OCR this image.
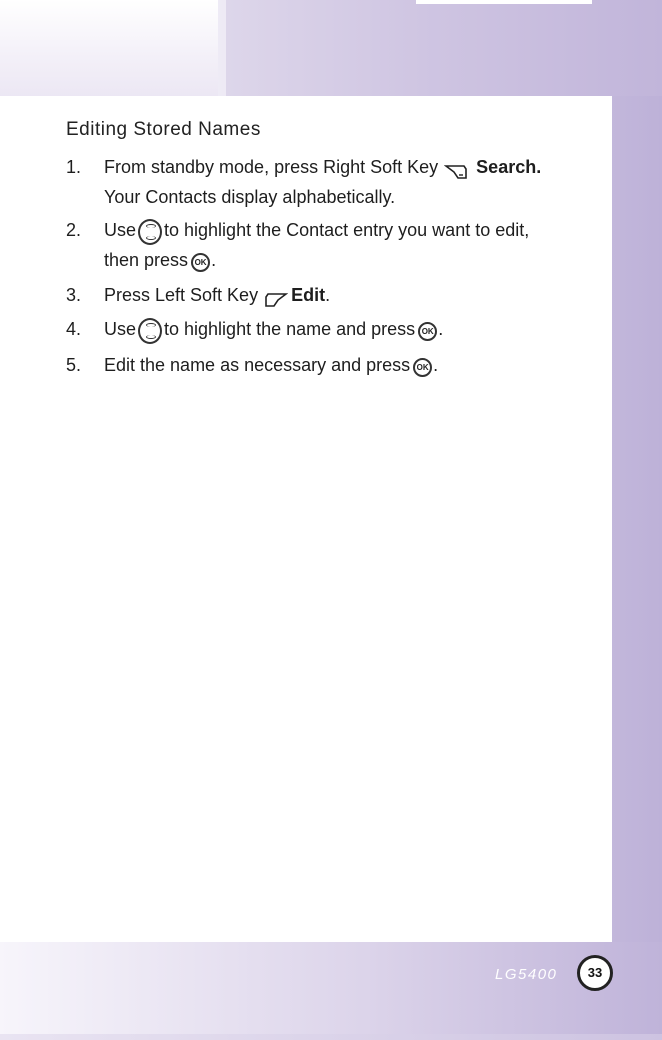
Editing Stored Names
1.	From standby mode, press Right Soft Key Search.
Your Contacts display alphabetically.
2.	Use to highlight the Contact entry you want to edit,
then press OK .
3.	Press Left Soft Key Edit.
4.	Use to highlight the name and press OK .
5.	Edit the name as necessary and press OK .
LG5400	33
